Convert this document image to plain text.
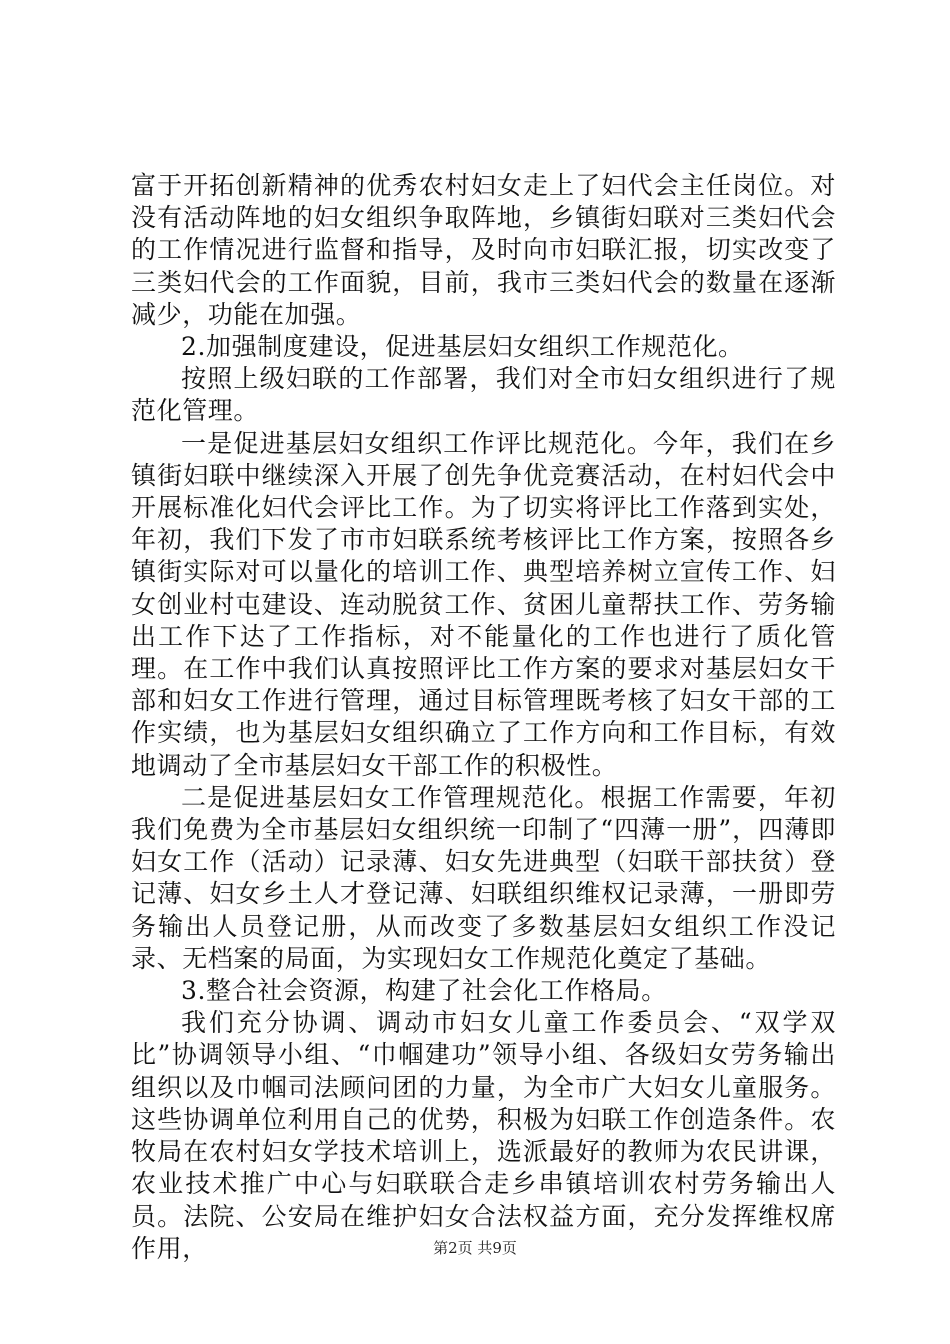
富于开拓创新精神的优秀农村妇女走上了妇代会主任岗位。对没有活动阵地的妇女组织争取阵地，乡镇街妇联对三类妇代会的工作情况进行监督和指导，及时向市妇联汇报，切实改变了三类妇代会的工作面貌，目前，我市三类妇代会的数量在逐渐减少，功能在加强。

2.加强制度建设，促进基层妇女组织工作规范化。

按照上级妇联的工作部署，我们对全市妇女组织进行了规范化管理。

一是促进基层妇女组织工作评比规范化。今年，我们在乡镇街妇联中继续深入开展了创先争优竞赛活动，在村妇代会中开展标准化妇代会评比工作。为了切实将评比工作落到实处，年初，我们下发了市市妇联系统考核评比工作方案，按照各乡镇街实际对可以量化的培训工作、典型培养树立宣传工作、妇女创业村屯建设、连动脱贫工作、贫困儿童帮扶工作、劳务输出工作下达了工作指标，对不能量化的工作也进行了质化管理。在工作中我们认真按照评比工作方案的要求对基层妇女干部和妇女工作进行管理，通过目标管理既考核了妇女干部的工作实绩，也为基层妇女组织确立了工作方向和工作目标，有效地调动了全市基层妇女干部工作的积极性。

二是促进基层妇女工作管理规范化。根据工作需要，年初我们免费为全市基层妇女组织统一印制了“四薄一册”，四薄即妇女工作（活动）记录薄、妇女先进典型（妇联干部扶贫）登记薄、妇女乡土人才登记薄、妇联组织维权记录薄，一册即劳务输出人员登记册，从而改变了多数基层妇女组织工作没记录、无档案的局面，为实现妇女工作规范化奠定了基础。

3.整合社会资源，构建了社会化工作格局。

我们充分协调、调动市妇女儿童工作委员会、“双学双比”协调领导小组、“巾帼建功”领导小组、各级妇女劳务输出组织以及巾帼司法顾问团的力量，为全市广大妇女儿童服务。这些协调单位利用自己的优势，积极为妇联工作创造条件。农牧局在农村妇女学技术培训上，选派最好的教师为农民讲课，农业技术推广中心与妇联联合走乡串镇培训农村劳务输出人员。法院、公安局在维护妇女合法权益方面，充分发挥维权席作用，	第2页 共9页
